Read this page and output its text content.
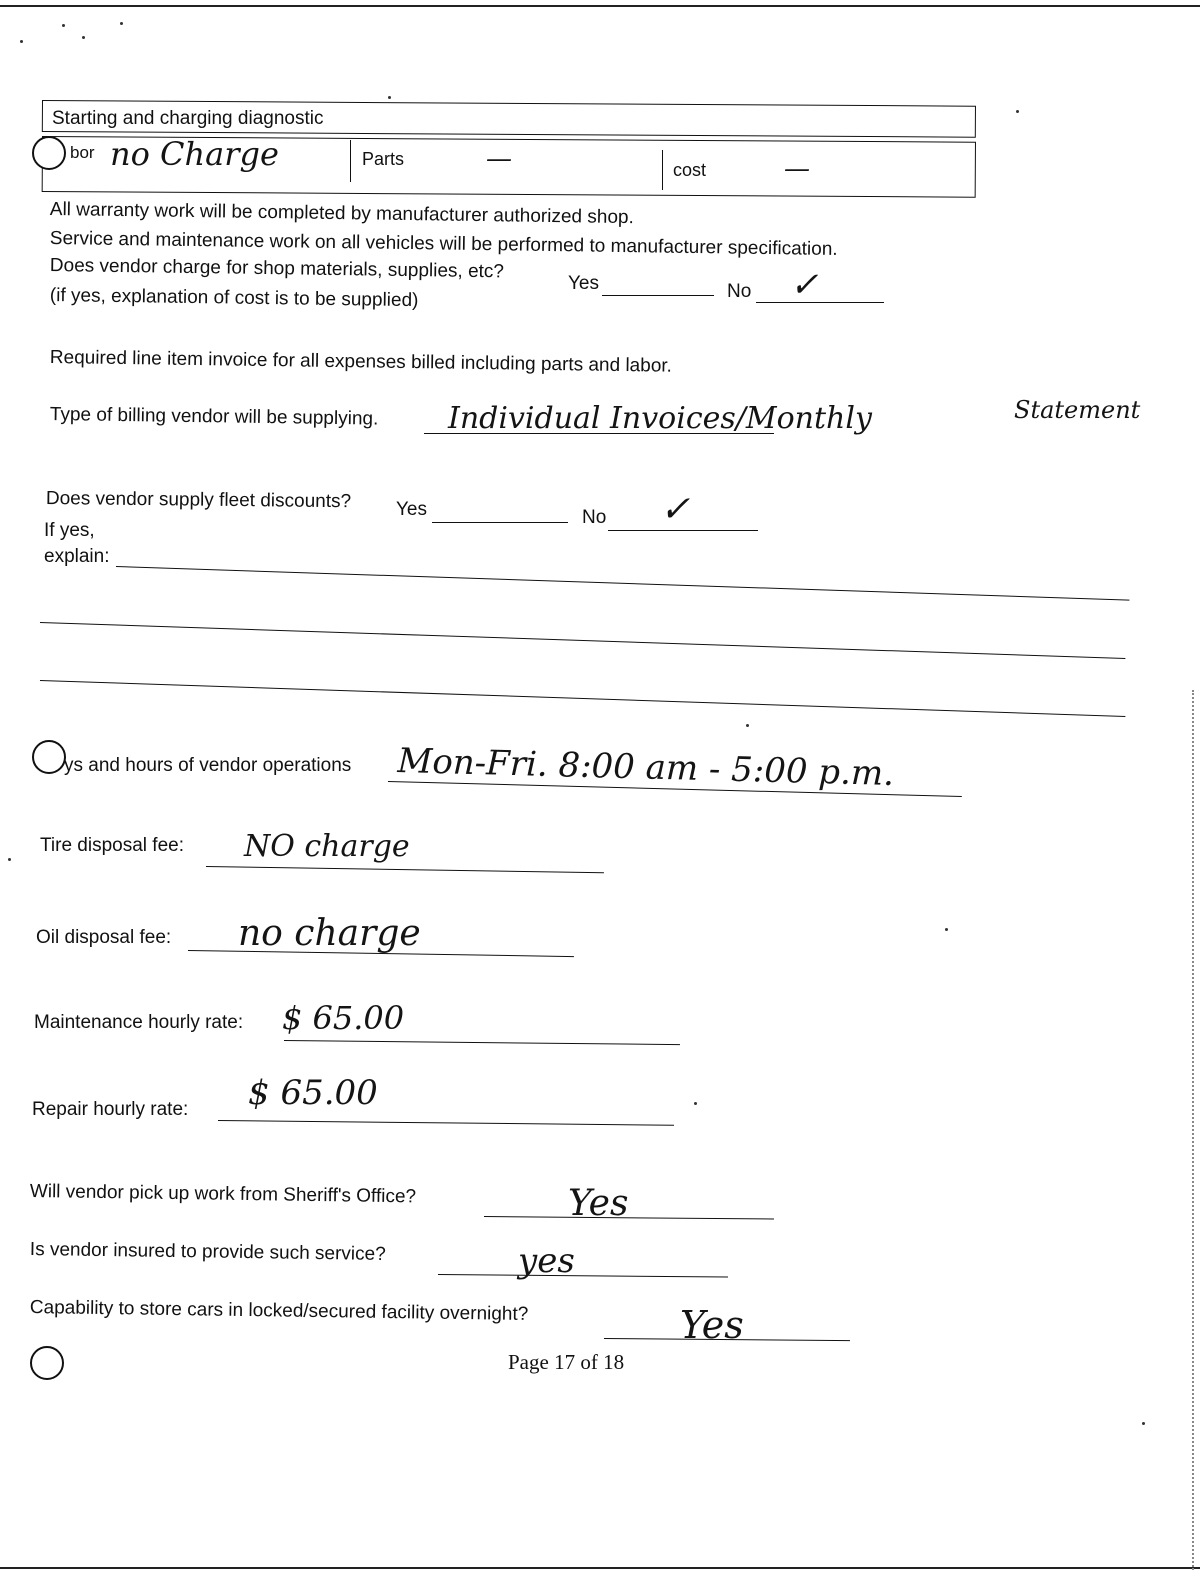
Starting and charging diagnostic
bor no Charge	Parts	—	cost	—
All warranty work will be completed by manufacturer authorized shop.
Service and maintenance work on all vehicles will be performed to manufacturer specification.
Does vendor charge for shop materials, supplies, etc?
Yes	No ✓
(if yes, explanation of cost is to be supplied)
Required line item invoice for all expenses billed including parts and labor.
Type of billing vendor will be supplying. Individual Invoices/Monthly	Statement
Does vendor supply fleet discounts? Yes	No ✓
If yes,
explain:
ys and hours of vendor operations Mon-Fri. 8:00 am - 5:00 p.m.
Tire disposal fee: NO charge
Oil disposal fee: no charge
Maintenance hourly rate: $ 65.00
Repair hourly rate: $ 65.00
Will vendor pick up work from Sheriff's Office?	Yes
Is vendor insured to provide such service?	yes
Capability to store cars in locked/secured facility overnight?	Yes
Page 17 of 18
